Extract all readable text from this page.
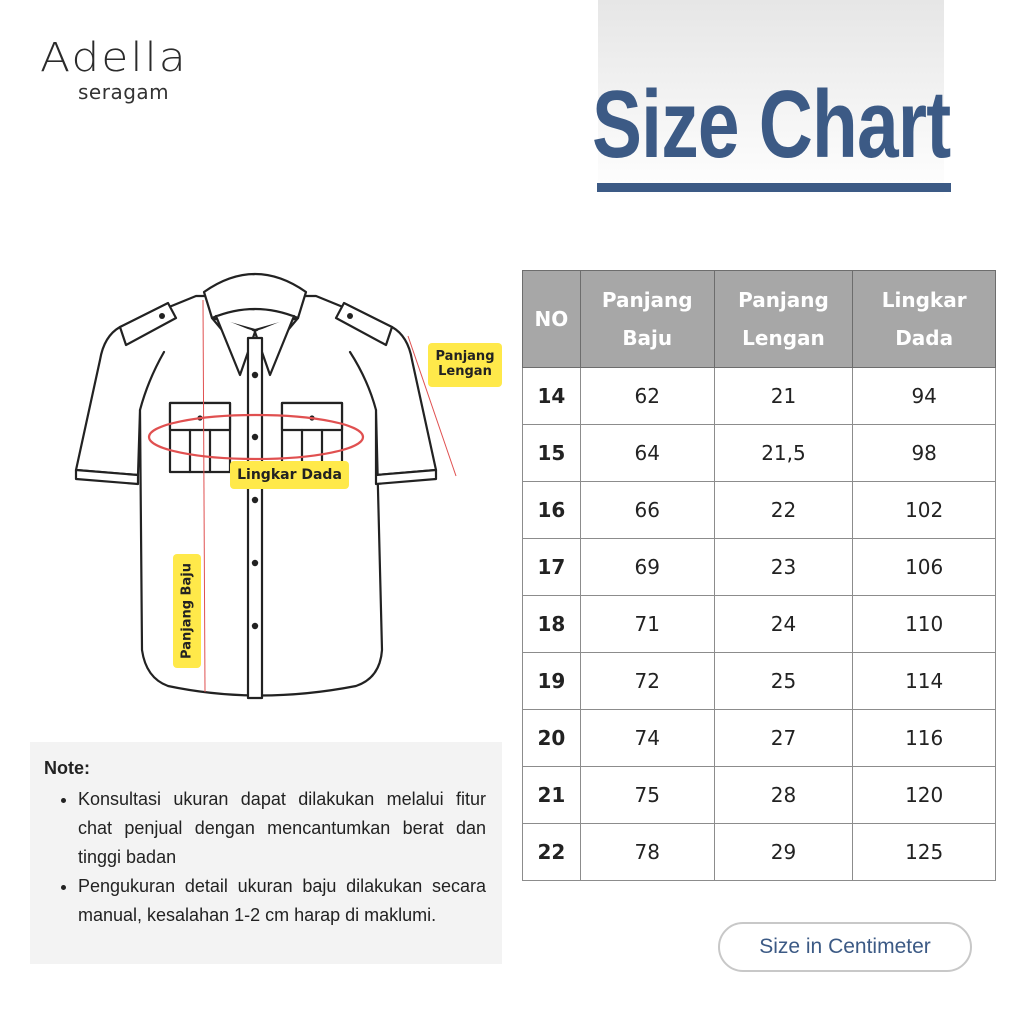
Adella
seragam	Size Chart
Panjang
Lengan
Lingkar Dada
Panjang Baju
Note:
• Konsultasi ukuran dapat dilakukan melalui fitur chat penjual dengan mencantumkan berat dan tinggi badan
• Pengukuran detail ukuran baju dilakukan secara manual, kesalahan 1-2 cm harap di maklumi.
NO	Panjang Baju	Panjang Lengan	Lingkar Dada
14	62	21	94
15	64	21,5	98
16	66	22	102
17	69	23	106
18	71	24	110
19	72	25	114
20	74	27	116
21	75	28	120
22	78	29	125
Size in Centimeter
